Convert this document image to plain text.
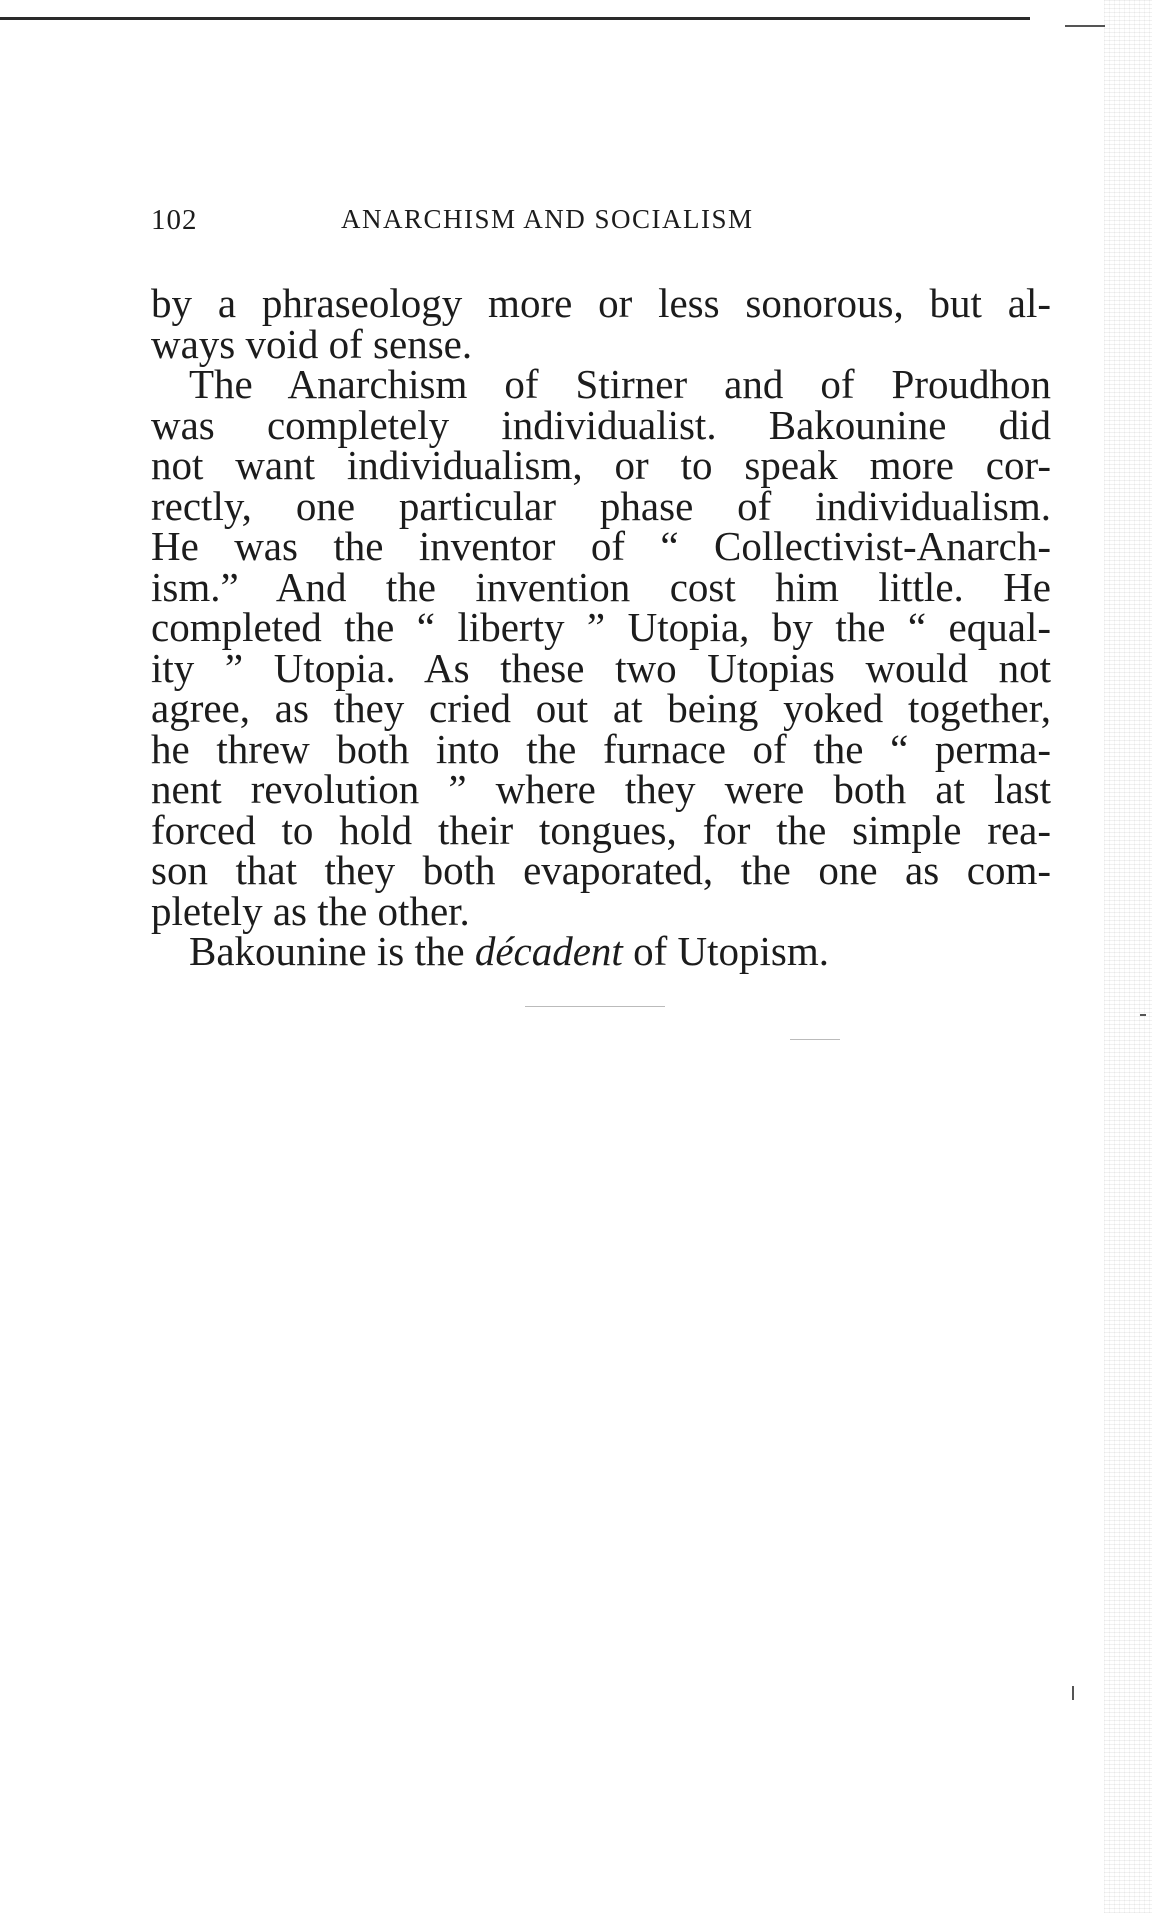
102	ANARCHISM AND SOCIALISM
by a phraseology more or less sonorous, but al-
ways void of sense.
The Anarchism of Stirner and of Proudhon
was completely individualist. Bakounine did
not want individualism, or to speak more cor-
rectly, one particular phase of individualism.
He was the inventor of “ Collectivist-Anarch-
ism.” And the invention cost him little. He
completed the “ liberty ” Utopia, by the “ equal-
ity ” Utopia. As these two Utopias would not
agree, as they cried out at being yoked together,
he threw both into the furnace of the “ perma-
nent revolution ” where they were both at last
forced to hold their tongues, for the simple rea-
son that they both evaporated, the one as com-
pletely as the other.
Bakounine is the décadent of Utopism.
